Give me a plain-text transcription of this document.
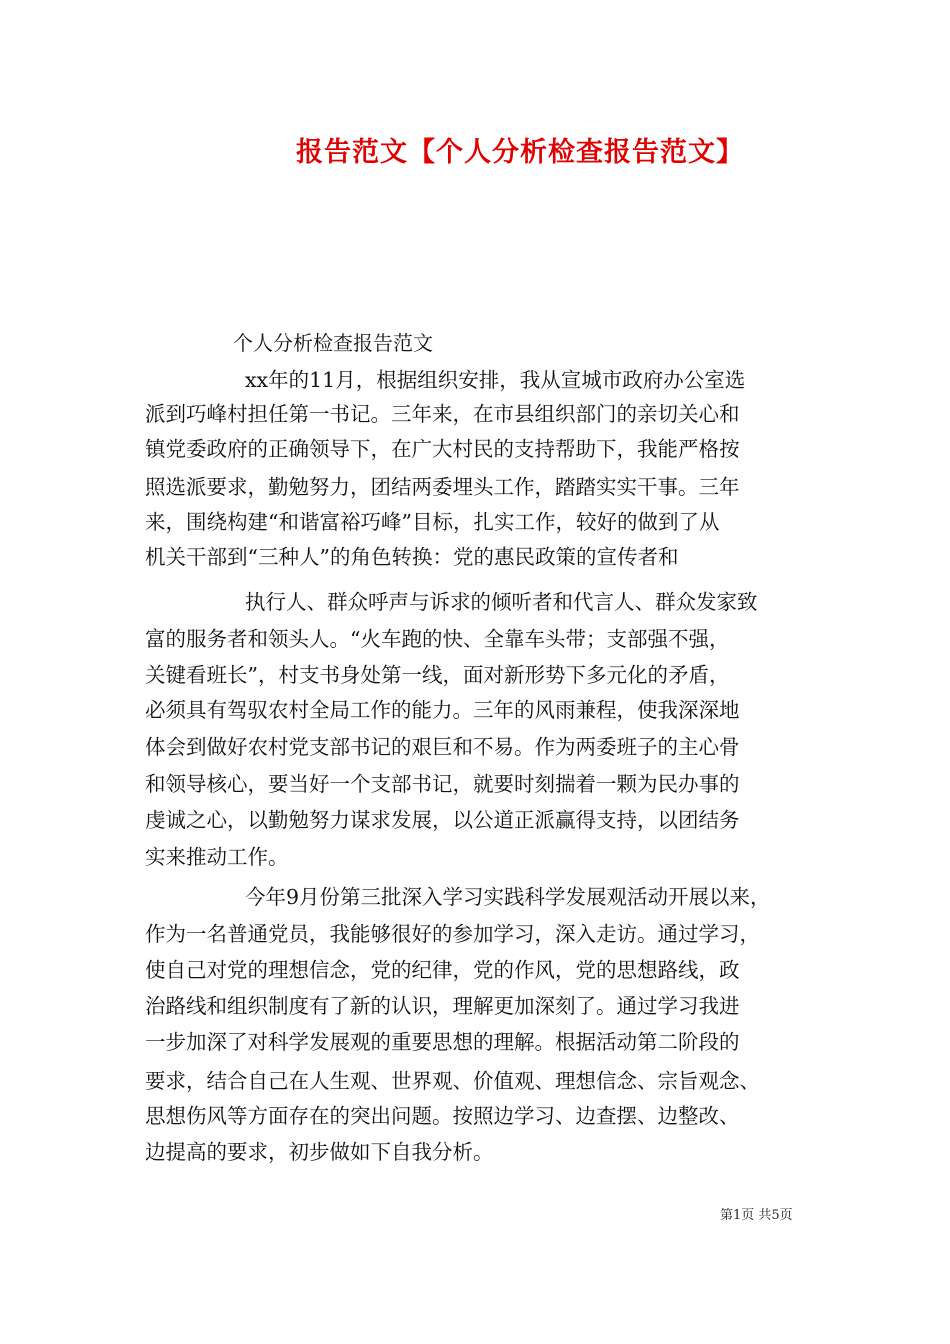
报告范文【个人分析检查报告范文】
个人分析检查报告范文
xx年的11月，根据组织安排，我从宣城市政府办公室选
派到巧峰村担任第一书记。三年来，在市县组织部门的亲切关心和
镇党委政府的正确领导下，在广大村民的支持帮助下，我能严格按
照选派要求，勤勉努力，团结两委埋头工作，踏踏实实干事。三年
来，围绕构建“和谐富裕巧峰”目标，扎实工作，较好的做到了从
机关干部到“三种人”的角色转换：党的惠民政策的宣传者和
执行人、群众呼声与诉求的倾听者和代言人、群众发家致
富的服务者和领头人。“火车跑的快、全靠车头带；支部强不强，
关键看班长”，村支书身处第一线，面对新形势下多元化的矛盾，
必须具有驾驭农村全局工作的能力。三年的风雨兼程，使我深深地
体会到做好农村党支部书记的艰巨和不易。作为两委班子的主心骨
和领导核心，要当好一个支部书记，就要时刻揣着一颗为民办事的
虔诚之心，以勤勉努力谋求发展，以公道正派赢得支持，以团结务
实来推动工作。
今年9月份第三批深入学习实践科学发展观活动开展以来，
作为一名普通党员，我能够很好的参加学习，深入走访。通过学习，
使自己对党的理想信念，党的纪律，党的作风，党的思想路线，政
治路线和组织制度有了新的认识，理解更加深刻了。通过学习我进
一步加深了对科学发展观的重要思想的理解。根据活动第二阶段的
要求，结合自己在人生观、世界观、价值观、理想信念、宗旨观念、
思想伤风等方面存在的突出问题。按照边学习、边查摆、边整改、
边提高的要求，初步做如下自我分析。
第1页 共5页
